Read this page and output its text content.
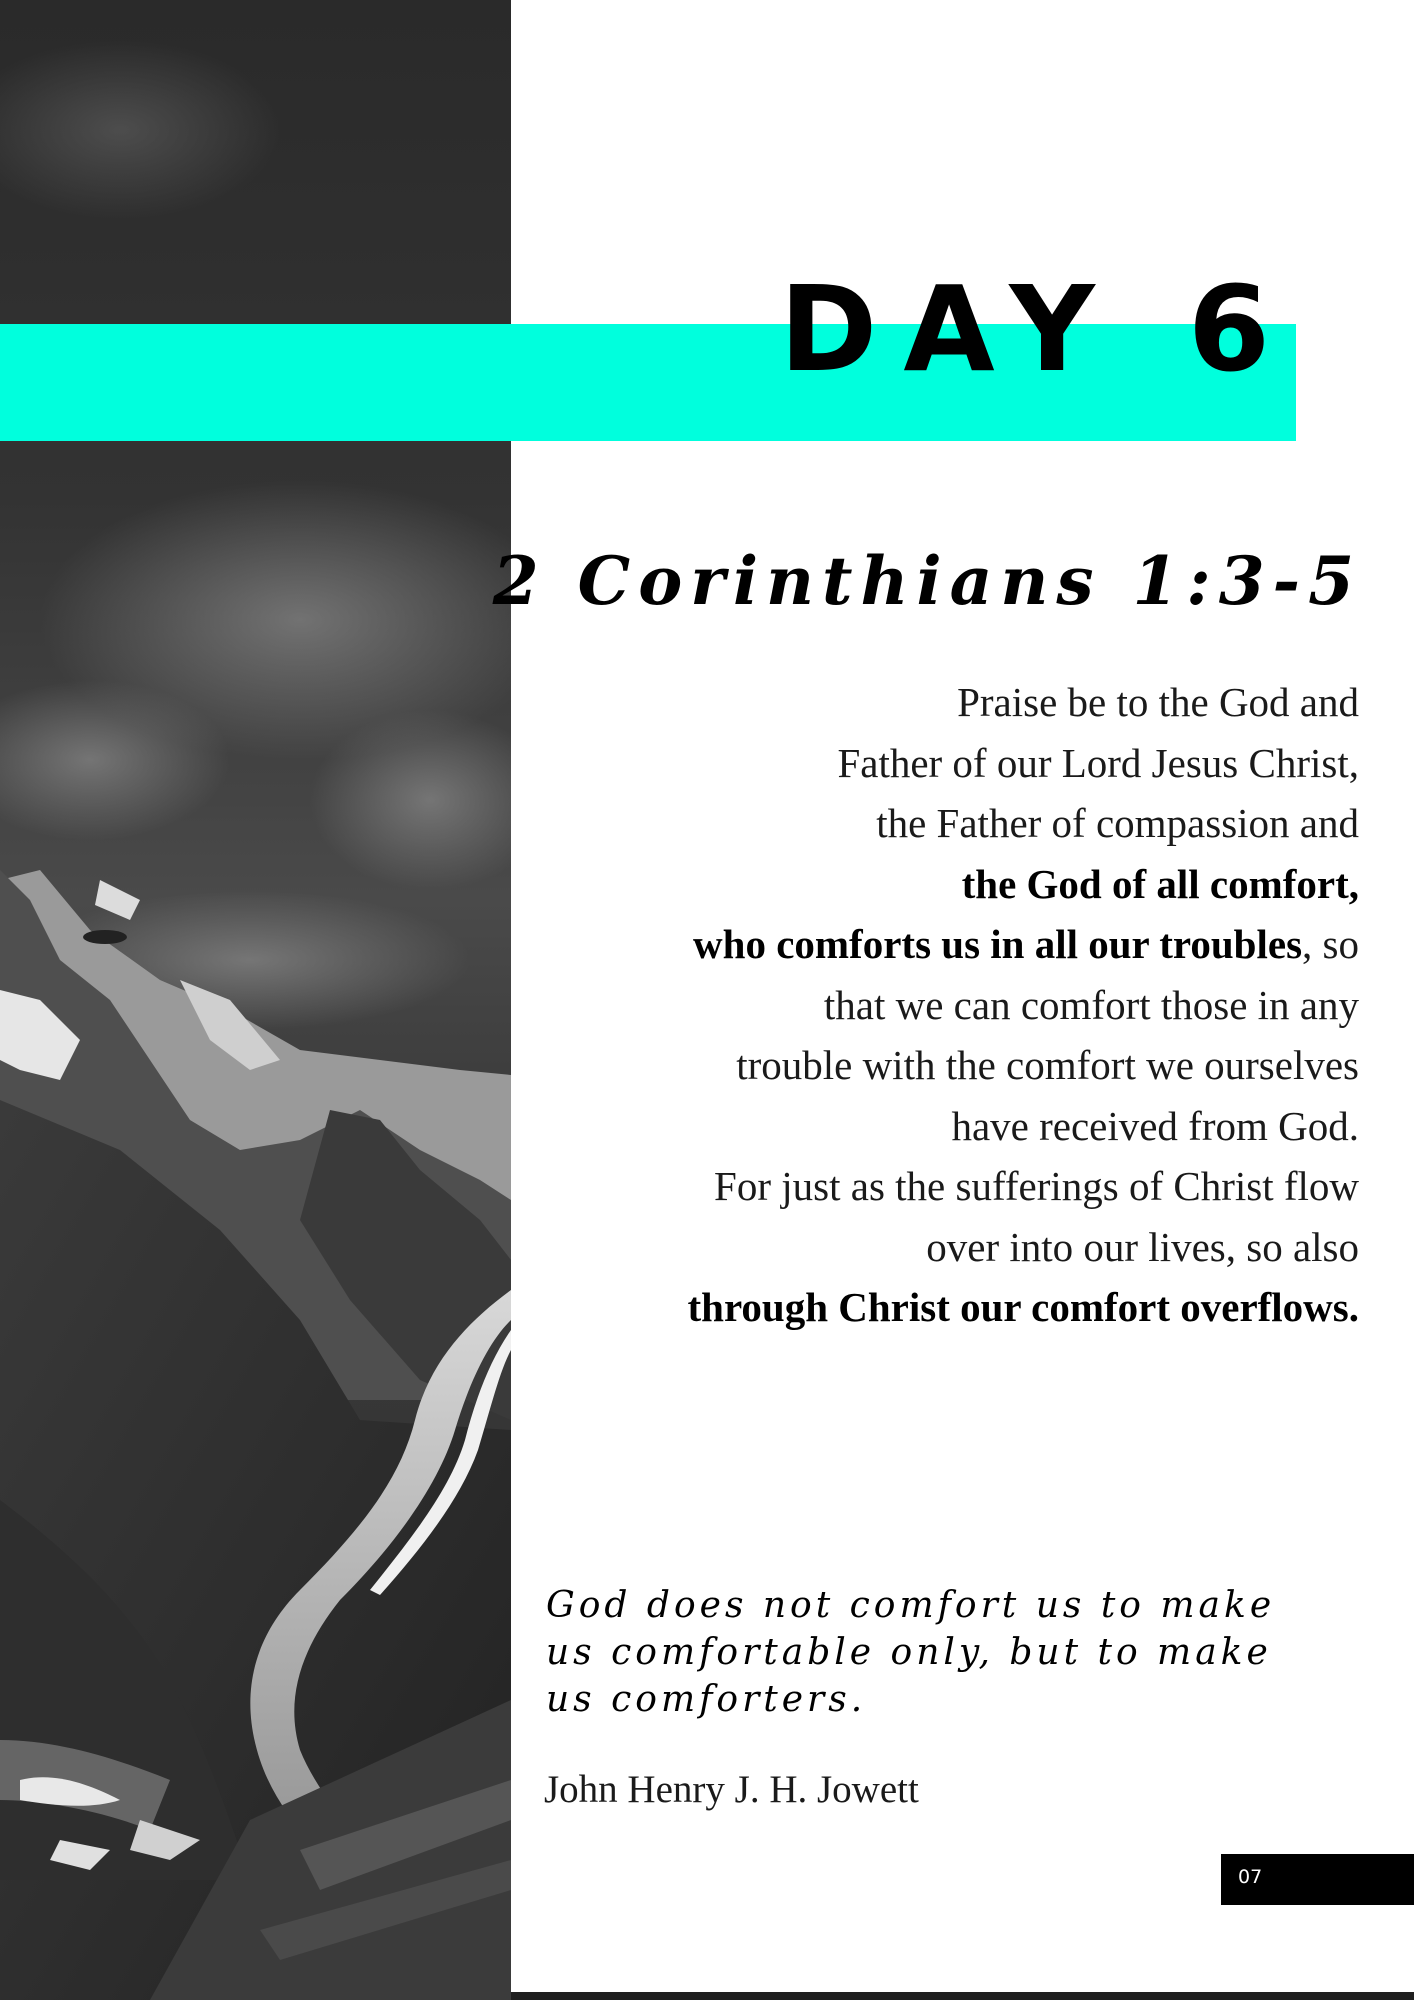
DAY 6
2 Corinthians 1:3-5

Praise be to the God and
Father of our Lord Jesus Christ,
the Father of compassion and
the God of all comfort,
who comforts us in all our troubles, so
that we can comfort those in any
trouble with the comfort we ourselves
have received from God.
For just as the sufferings of Christ flow
over into our lives, so also
through Christ our comfort overflows.

God does not comfort us to make us comfortable only, but to make us comforters.

John Henry J. H. Jowett

07
